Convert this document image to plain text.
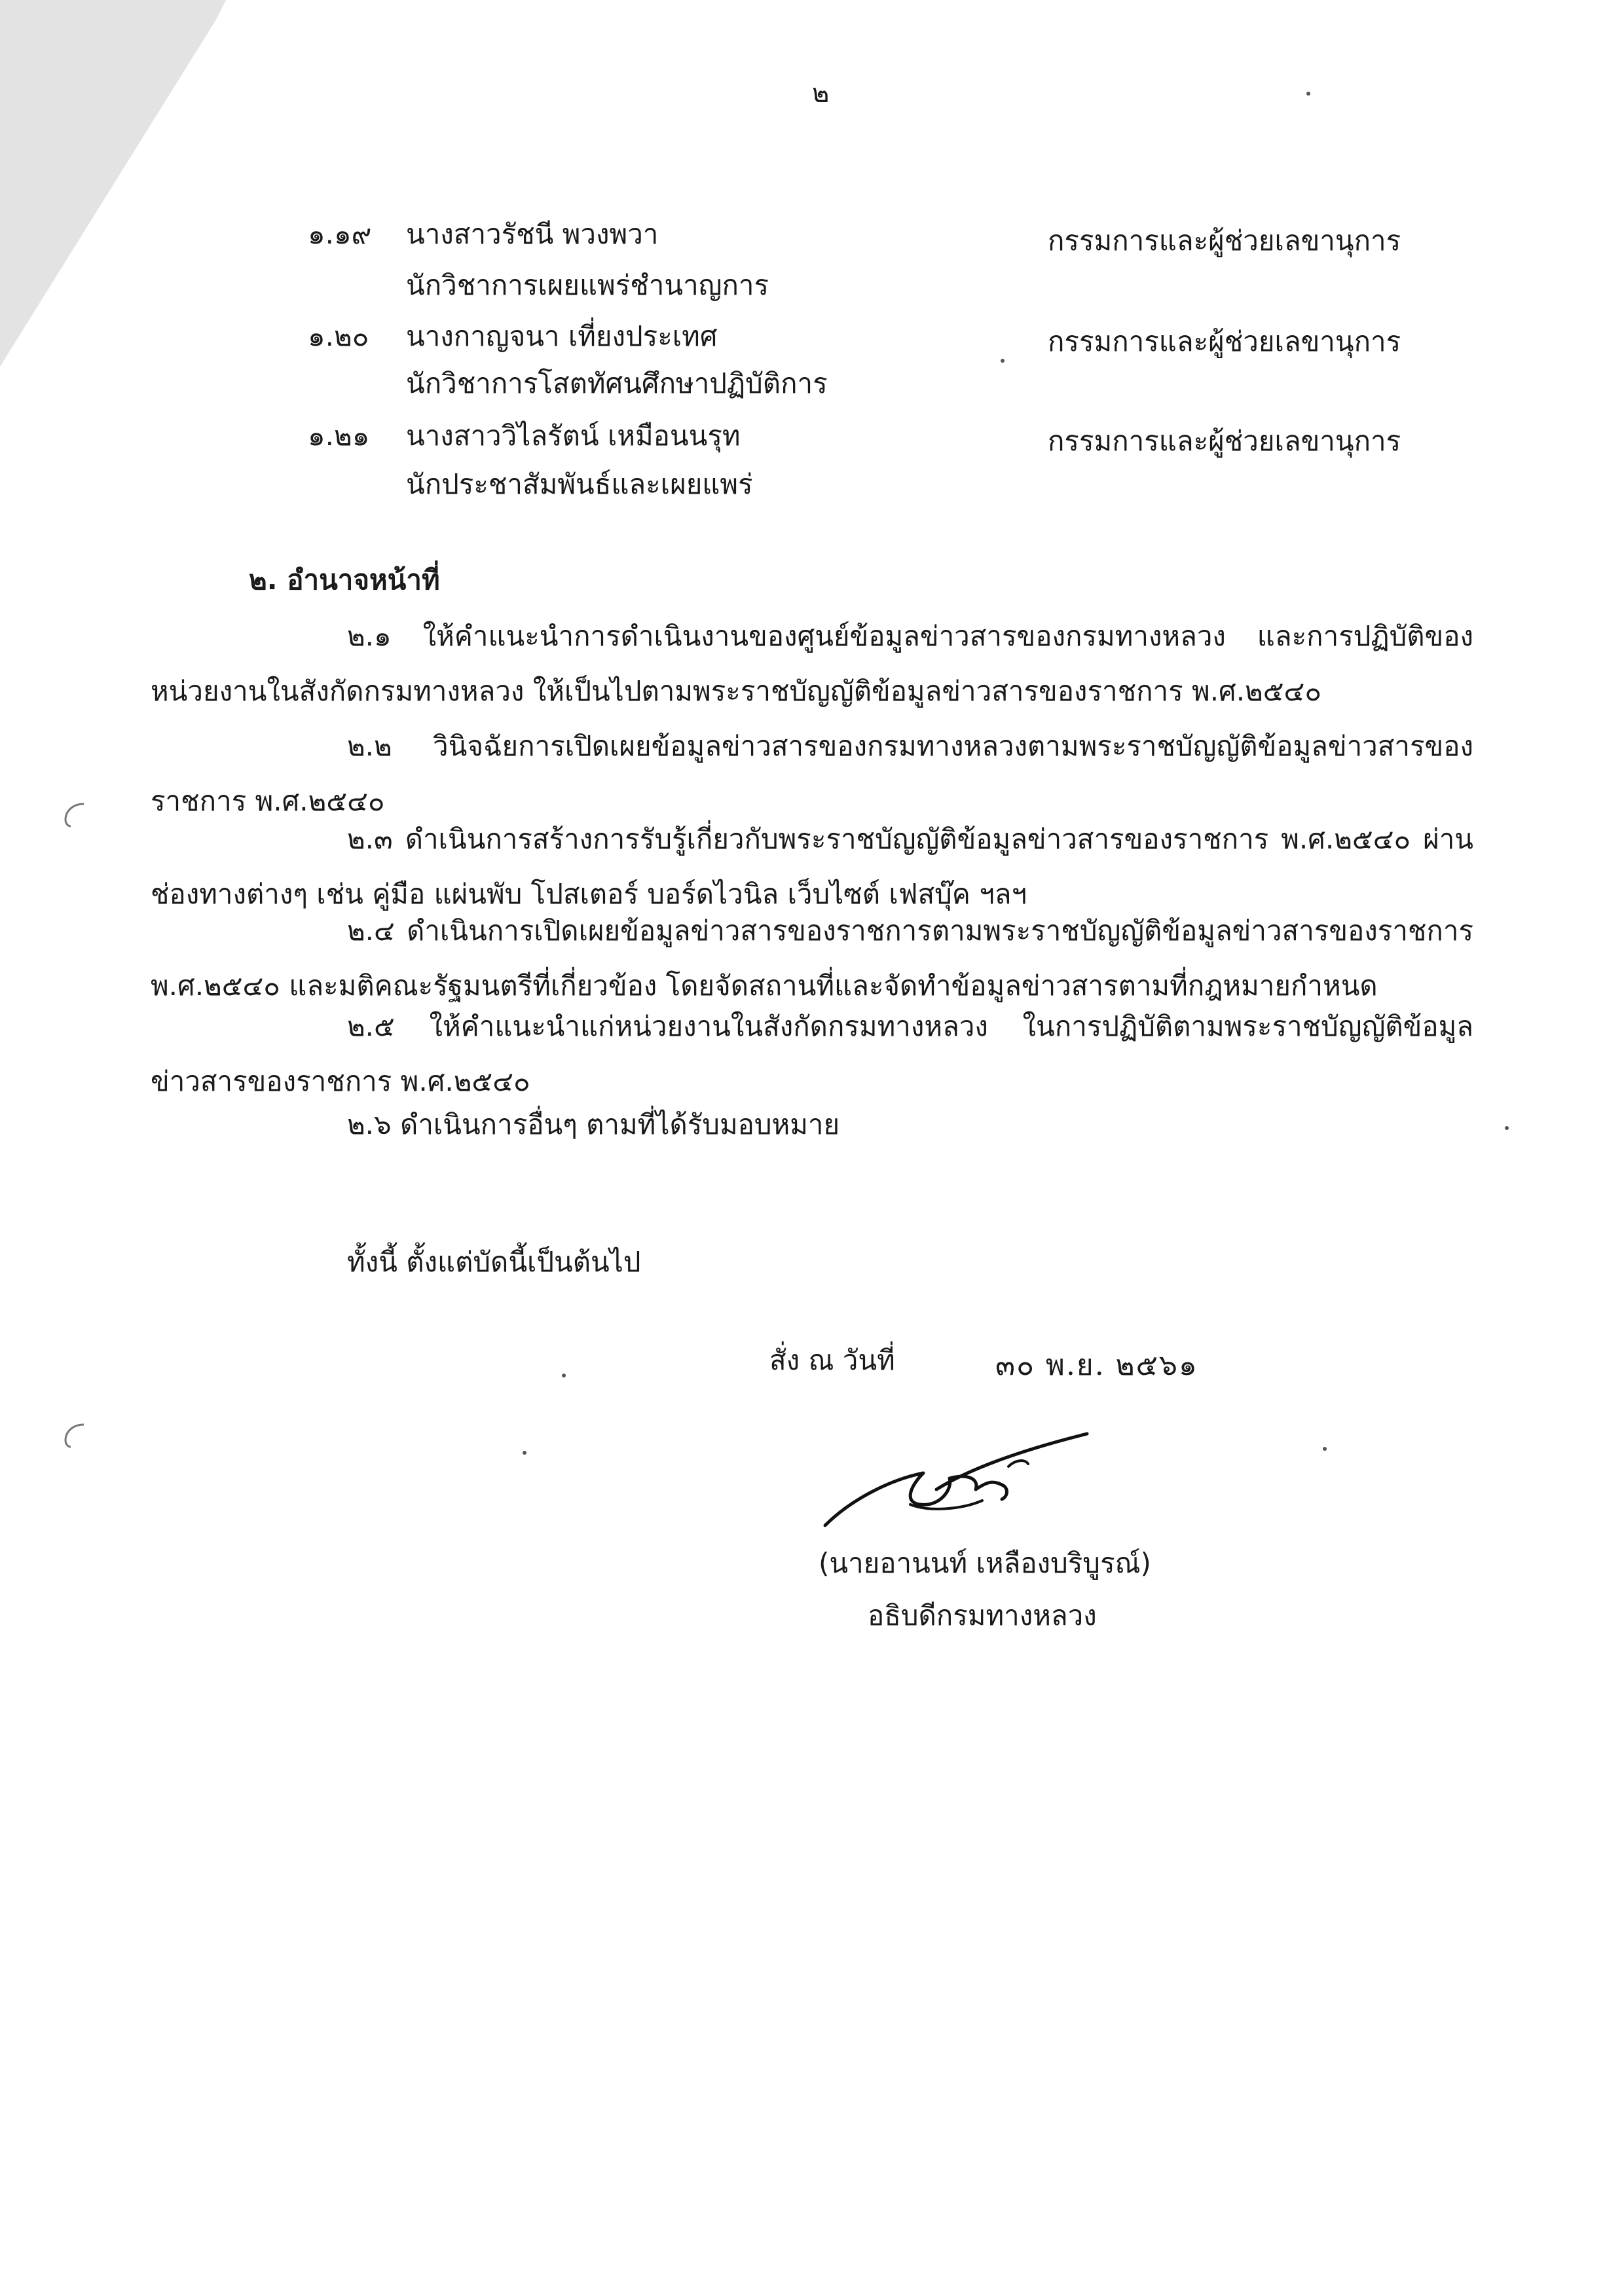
๒
๑.๑๙ นางสาวรัชนี พวงพวา	กรรมการและผู้ช่วยเลขานุการ
นักวิชาการเผยแพร่ชำนาญการ
๑.๒๐ นางกาญจนา เที่ยงประเทศ	กรรมการและผู้ช่วยเลขานุการ
นักวิชาการโสตทัศนศึกษาปฏิบัติการ
๑.๒๑ นางสาววิไลรัตน์ เหมือนนรุท	กรรมการและผู้ช่วยเลขานุการ
นักประชาสัมพันธ์และเผยแพร่
๒. อำนาจหน้าที่
๒.๑ ให้คำแนะนำการดำเนินงานของศูนย์ข้อมูลข่าวสารของกรมทางหลวง และการปฏิบัติของหน่วยงานในสังกัดกรมทางหลวง ให้เป็นไปตามพระราชบัญญัติข้อมูลข่าวสารของราชการ พ.ศ.๒๕๔๐
๒.๒ วินิจฉัยการเปิดเผยข้อมูลข่าวสารของกรมทางหลวงตามพระราชบัญญัติข้อมูลข่าวสารของราชการ พ.ศ.๒๕๔๐
๒.๓ ดำเนินการสร้างการรับรู้เกี่ยวกับพระราชบัญญัติข้อมูลข่าวสารของราชการ พ.ศ.๒๕๔๐ ผ่านช่องทางต่างๆ เช่น คู่มือ แผ่นพับ โปสเตอร์ บอร์ดไวนิล เว็บไซต์ เฟสบุ๊ค ฯลฯ
๒.๔ ดำเนินการเปิดเผยข้อมูลข่าวสารของราชการตามพระราชบัญญัติข้อมูลข่าวสารของราชการ พ.ศ.๒๕๔๐ และมติคณะรัฐมนตรีที่เกี่ยวข้อง โดยจัดสถานที่และจัดทำข้อมูลข่าวสารตามที่กฎหมายกำหนด
๒.๕ ให้คำแนะนำแก่หน่วยงานในสังกัดกรมทางหลวง ในการปฏิบัติตามพระราชบัญญัติข้อมูลข่าวสารของราชการ พ.ศ.๒๕๔๐
๒.๖ ดำเนินการอื่นๆ ตามที่ได้รับมอบหมาย
ทั้งนี้ ตั้งแต่บัดนี้เป็นต้นไป
สั่ง ณ วันที่	๓๐ พ.ย. ๒๕๖๑
(นายอานนท์ เหลืองบริบูรณ์)
อธิบดีกรมทางหลวง
